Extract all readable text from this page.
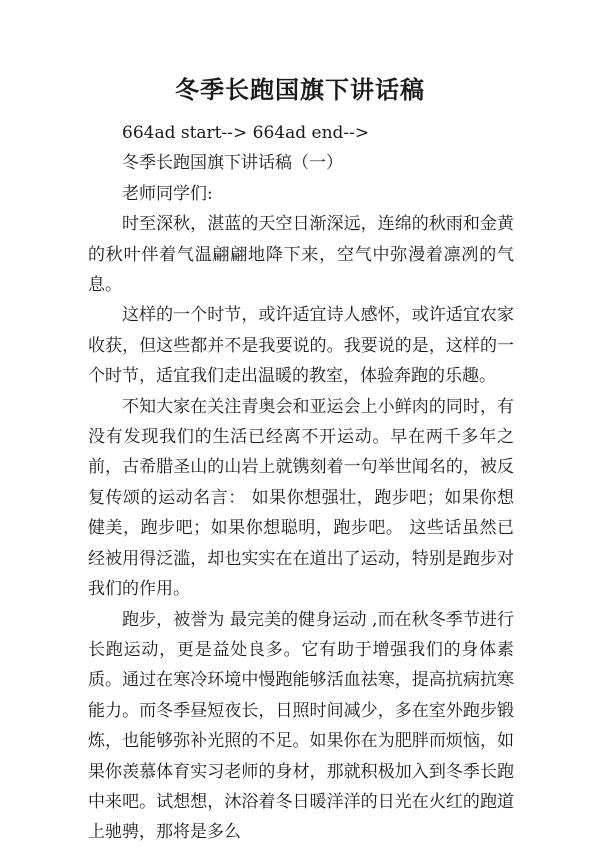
冬季长跑国旗下讲话稿

664ad start--> 664ad end-->

冬季长跑国旗下讲话稿（一）

老师同学们:

时至深秋，湛蓝的天空日渐深远，连绵的秋雨和金黄的秋叶伴着气温翩翩地降下来，空气中弥漫着凛冽的气息。

这样的一个时节，或许适宜诗人感怀，或许适宜农家收获，但这些都并不是我要说的。我要说的是，这样的一个时节，适宜我们走出温暖的教室，体验奔跑的乐趣。

不知大家在关注青奥会和亚运会上小鲜肉的同时，有没有发现我们的生活已经离不开运动。早在两千多年之前，古希腊圣山的山岩上就镌刻着一句举世闻名的，被反复传颂的运动名言： 如果你想强壮，跑步吧；如果你想健美，跑步吧；如果你想聪明，跑步吧。 这些话虽然已经被用得泛滥，却也实实在在道出了运动，特别是跑步对我们的作用。

跑步，被誉为 最完美的健身运动 ,而在秋冬季节进行长跑运动，更是益处良多。它有助于增强我们的身体素质。通过在寒冷环境中慢跑能够活血祛寒，提高抗病抗寒能力。而冬季昼短夜长，日照时间减少，多在室外跑步锻炼，也能够弥补光照的不足。如果你在为肥胖而烦恼，如果你羡慕体育实习老师的身材，那就积极加入到冬季长跑中来吧。试想想，沐浴着冬日暖洋洋的日光在火红的跑道上驰骋，那将是多么
